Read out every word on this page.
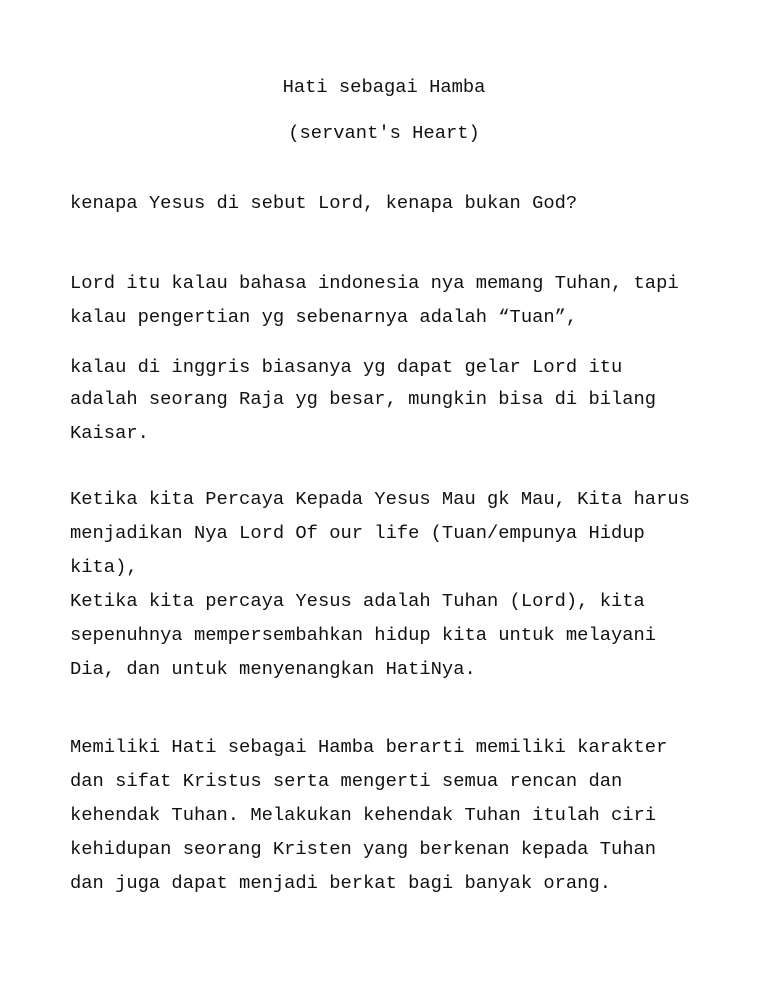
Hati sebagai Hamba
(servant's Heart)
kenapa Yesus di sebut Lord, kenapa bukan God?
Lord itu kalau bahasa indonesia nya memang Tuhan, tapi
kalau pengertian yg sebenarnya adalah “Tuan”,
kalau di inggris biasanya yg dapat gelar Lord itu
adalah seorang Raja yg besar, mungkin bisa di bilang
Kaisar.
Ketika kita Percaya Kepada Yesus Mau gk Mau, Kita harus
menjadikan Nya Lord Of our life (Tuan/empunya Hidup
kita),
Ketika kita percaya Yesus adalah Tuhan (Lord), kita
sepenuhnya mempersembahkan hidup kita untuk melayani
Dia, dan untuk menyenangkan HatiNya.
Memiliki Hati sebagai Hamba berarti memiliki karakter
dan sifat Kristus serta mengerti semua rencan dan
kehendak Tuhan. Melakukan kehendak Tuhan itulah ciri
kehidupan seorang Kristen yang berkenan kepada Tuhan
dan juga dapat menjadi berkat bagi banyak orang.
